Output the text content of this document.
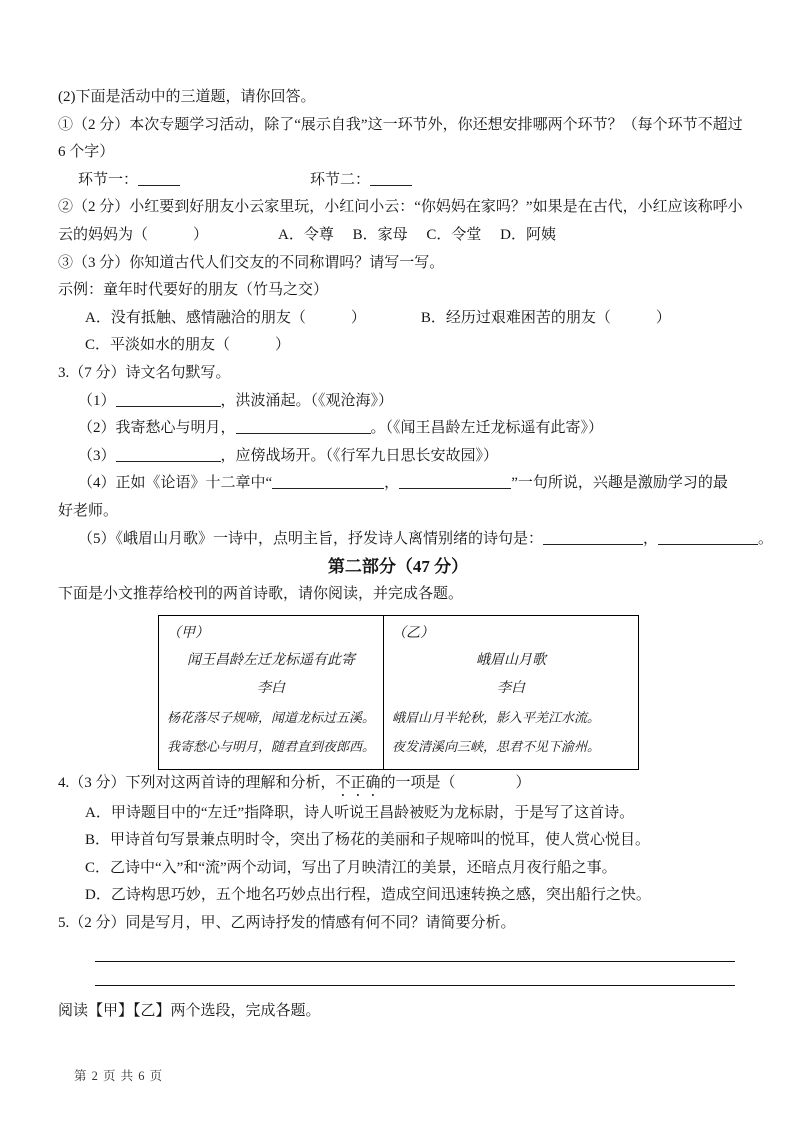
(2)下面是活动中的三道题，请你回答。
①（2 分）本次专题学习活动，除了“展示自我”这一环节外，你还想安排哪两个环节？（每个环节不超过
6 个字）
环节一：	环节二：
②（2 分）小红要到好朋友小云家里玩，小红问小云：“你妈妈在家吗？”如果是在古代，小红应该称呼小
云的妈妈为（　　　）	A．令尊　 B．家母　 C．令堂　 D．阿姨
③（3 分）你知道古代人们交友的不同称谓吗？请写一写。
示例：童年时代要好的朋友（竹马之交）
A．没有抵触、感情融洽的朋友（　　　）	B．经历过艰难困苦的朋友（　　　）
C．平淡如水的朋友（　　　）
3.（7 分）诗文名句默写。
（1）	，洪波涌起。（《观沧海》）
（2）我寄愁心与明月，	。（《闻王昌龄左迁龙标遥有此寄》）
（3）	，应傍战场开。（《行军九日思长安故园》）
（4）正如《论语》十二章中“	，	”一句所说，兴趣是激励学习的最
好老师。
（5）《峨眉山月歌》一诗中，点明主旨，抒发诗人离情别绪的诗句是：	，	。
第二部分（47 分）
下面是小文推荐给校刊的两首诗歌，请你阅读，并完成各题。
（甲）
闻王昌龄左迁龙标遥有此寄
李白
杨花落尽子规啼，闻道龙标过五溪。
我寄愁心与明月，随君直到夜郎西。

（乙）
峨眉山月歌
李白
峨眉山月半轮秋，影入平羌江水流。
夜发清溪向三峡，思君不见下渝州。
4.（3 分）下列对这两首诗的理解和分析，不正确的一项是（　　　　）
A．甲诗题目中的“左迁”指降职，诗人听说王昌龄被贬为龙标尉，于是写了这首诗。
B．甲诗首句写景兼点明时令，突出了杨花的美丽和子规啼叫的悦耳，使人赏心悦目。
C．乙诗中“入”和“流”两个动词，写出了月映清江的美景，还暗点月夜行船之事。
D．乙诗构思巧妙，五个地名巧妙点出行程，造成空间迅速转换之感，突出船行之快。
5.（2 分）同是写月，甲、乙两诗抒发的情感有何不同？请简要分析。
阅读【甲】【乙】两个选段，完成各题。
第 2 页 共 6 页
